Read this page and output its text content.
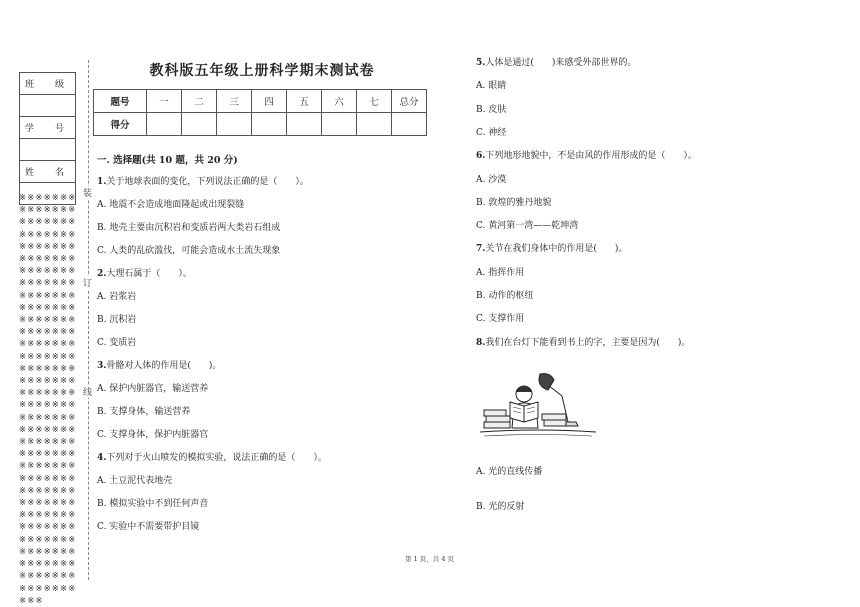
班　级

学　号

姓　名

※※※※※※※※※※※※※※※※※※※※※※※※※※※※※※※※※※※※※※※※※※※※※※※※※※※※※※※※※※※※※※※※※※※※※※※※※※※※※※※※※※※※※※※※※※※※※※※※※※※※※※※※※※※※※※※※※※※※※※※※※※※※※※※※※※※※※※※※※※※※※※※※※※※※※※※※※※※※※※※※※※※※※※※※※※※※※※※※※※※※※※※※※※※※※※※※※※※※※※※※※※※※※※※※※※※※※※※※※※※※※※※※※※※※※※※※※※
装
订
线
教科版五年级上册科学期末测试卷
题号	一	二	三	四	五	六	七	总分
得分								
一. 选择题(共 10 题，共 20 分)
1.关于地球表面的变化，下列说法正确的是（　　）。
A. 地震不会造成地面隆起或出现裂缝
B. 地壳主要由沉积岩和变质岩两大类岩石组成
C. 人类的乱砍滥伐，可能会造成水土流失现象
2.大理石属于（　　）。
A. 岩浆岩
B. 沉积岩
C. 变质岩
3.骨骼对人体的作用是(　　)。
A. 保护内脏器官，输送营养
B. 支撑身体，输送营养
C. 支撑身体，保护内脏器官
4.下列对于火山喷发的模拟实验，说法正确的是（　　）。
A. 土豆泥代表地壳
B. 模拟实验中不到任何声音
C. 实验中不需要带护目镜
5.人体是通过(　　)来感受外部世界的。
A. 眼睛
B. 皮肤
C. 神经
6.下列地形地貌中，不是由风的作用形成的是（　　）。
A. 沙漠
B. 敦煌的雅丹地貌
C. 黄河第一湾——乾坤湾
7.关节在我们身体中的作用是(　　)。
A. 指挥作用
B. 动作的枢纽
C. 支撑作用
8.我们在台灯下能看到书上的字，主要是因为(　　)。
A. 光的直线传播
B. 光的反射
第 1 页，共 4 页
